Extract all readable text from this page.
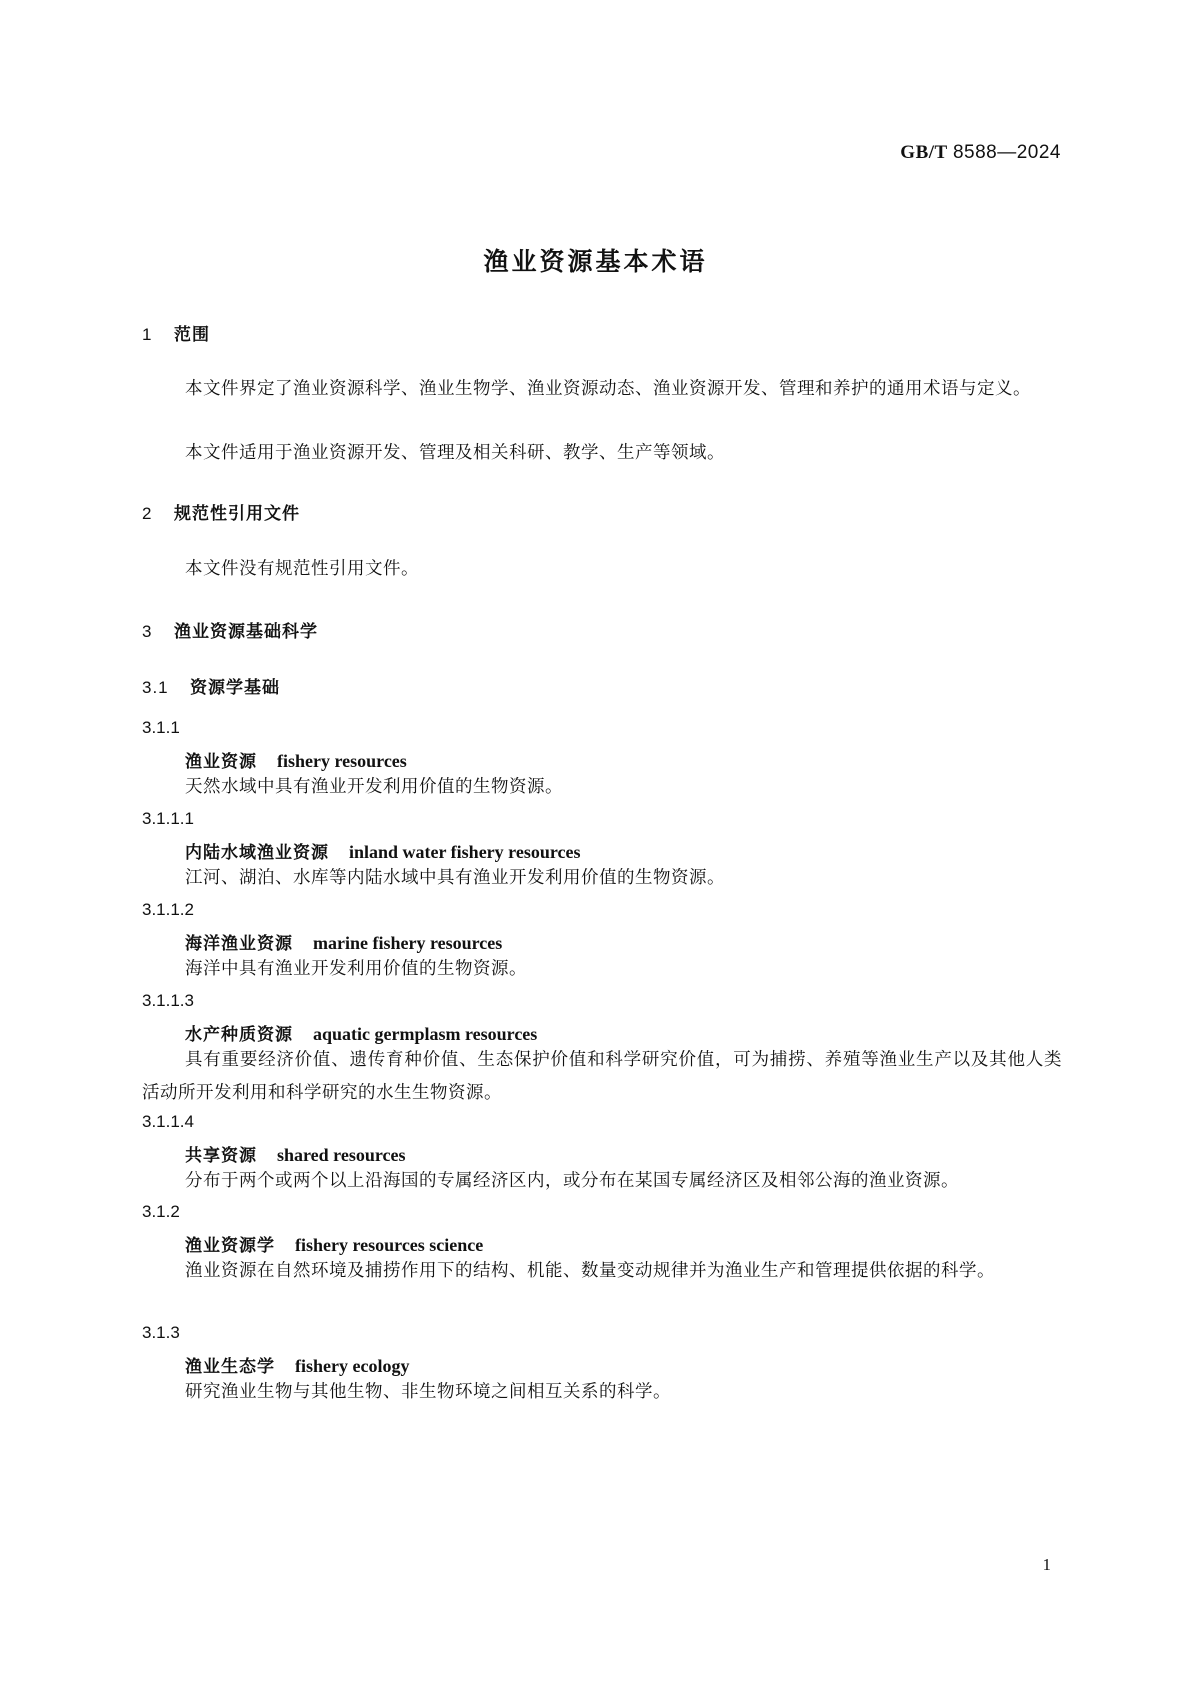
GB/T 8588—2024
渔业资源基本术语
1 范围
本文件界定了渔业资源科学、渔业生物学、渔业资源动态、渔业资源开发、管理和养护的通用术语与定义。
本文件适用于渔业资源开发、管理及相关科研、教学、生产等领域。
2 规范性引用文件
本文件没有规范性引用文件。
3 渔业资源基础科学
3.1 资源学基础
3.1.1
渔业资源 fishery resources
天然水域中具有渔业开发利用价值的生物资源。
3.1.1.1
内陆水域渔业资源 inland water fishery resources
江河、湖泊、水库等内陆水域中具有渔业开发利用价值的生物资源。
3.1.1.2
海洋渔业资源 marine fishery resources
海洋中具有渔业开发利用价值的生物资源。
3.1.1.3
水产种质资源 aquatic germplasm resources
具有重要经济价值、遗传育种价值、生态保护价值和科学研究价值，可为捕捞、养殖等渔业生产以及其他人类活动所开发利用和科学研究的水生生物资源。
3.1.1.4
共享资源 shared resources
分布于两个或两个以上沿海国的专属经济区内，或分布在某国专属经济区及相邻公海的渔业资源。
3.1.2
渔业资源学 fishery resources science
渔业资源在自然环境及捕捞作用下的结构、机能、数量变动规律并为渔业生产和管理提供依据的科学。
3.1.3
渔业生态学 fishery ecology
研究渔业生物与其他生物、非生物环境之间相互关系的科学。
1
